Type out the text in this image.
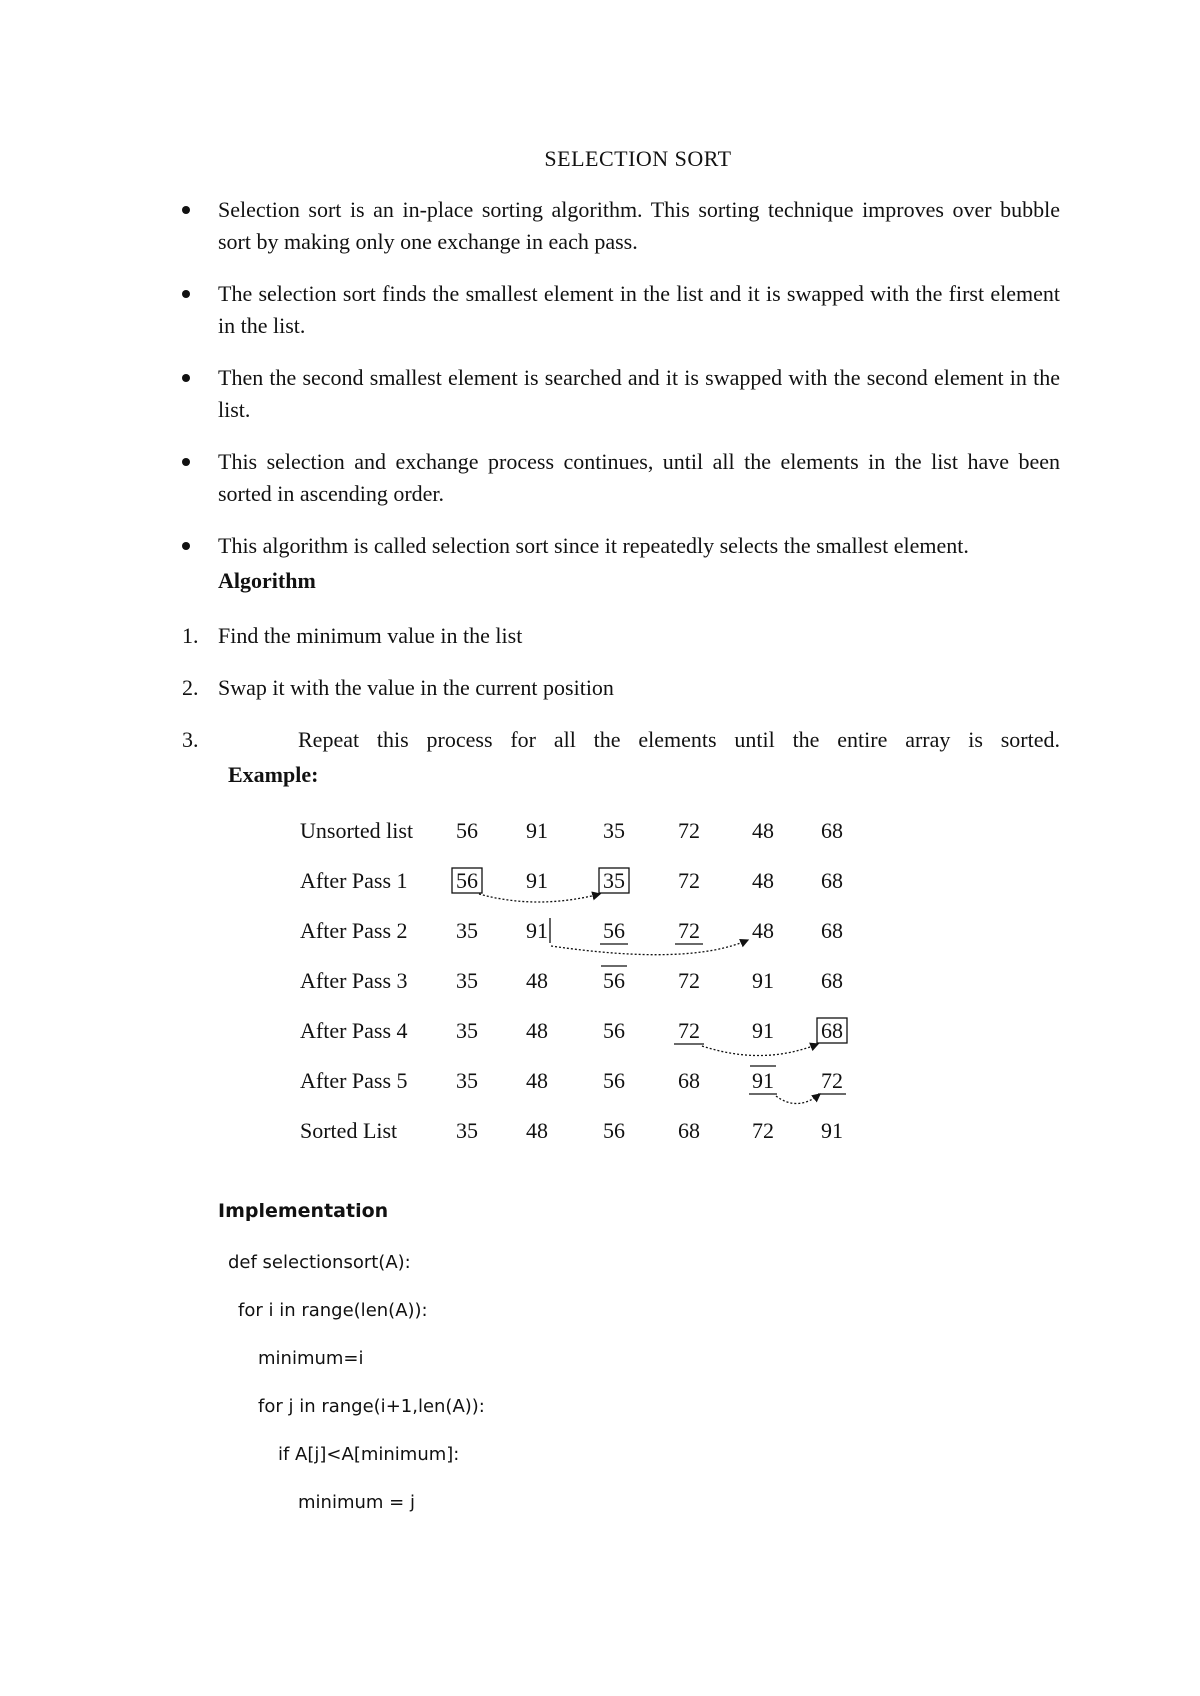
SELECTION SORT
Selection sort is an in-place sorting algorithm. This sorting technique improves over bubble sort by making only one exchange in each pass.
The selection sort finds the smallest element in the list and it is swapped with the first element in the list.
Then the second smallest element is searched and it is swapped with the second element in the list.
This selection and exchange process continues, until all the elements in the list have been sorted in ascending order.
This algorithm is called selection sort since it repeatedly selects the smallest element.
Algorithm
1. Find the minimum value in the list
2. Swap it with the value in the current position
3.	Repeat this process for all the elements until the entire array is sorted.
Example:
Unsorted list 56 91	35 72 48 68
After Pass 1 56 91	35 72 48 68
After Pass 2 35 91	56 72 48 68
After Pass 3 35 48	56 72 91 68
After Pass 4 35 48	56 72 91 68
After Pass 5 35 48	56 68 91 72
Sorted List	35 48	56 68 72 91
Implementation
def selectionsort(A):
for i in range(len(A)):
minimum=i
for j in range(i+1,len(A)):
if A[j]<A[minimum]:
minimum = j
